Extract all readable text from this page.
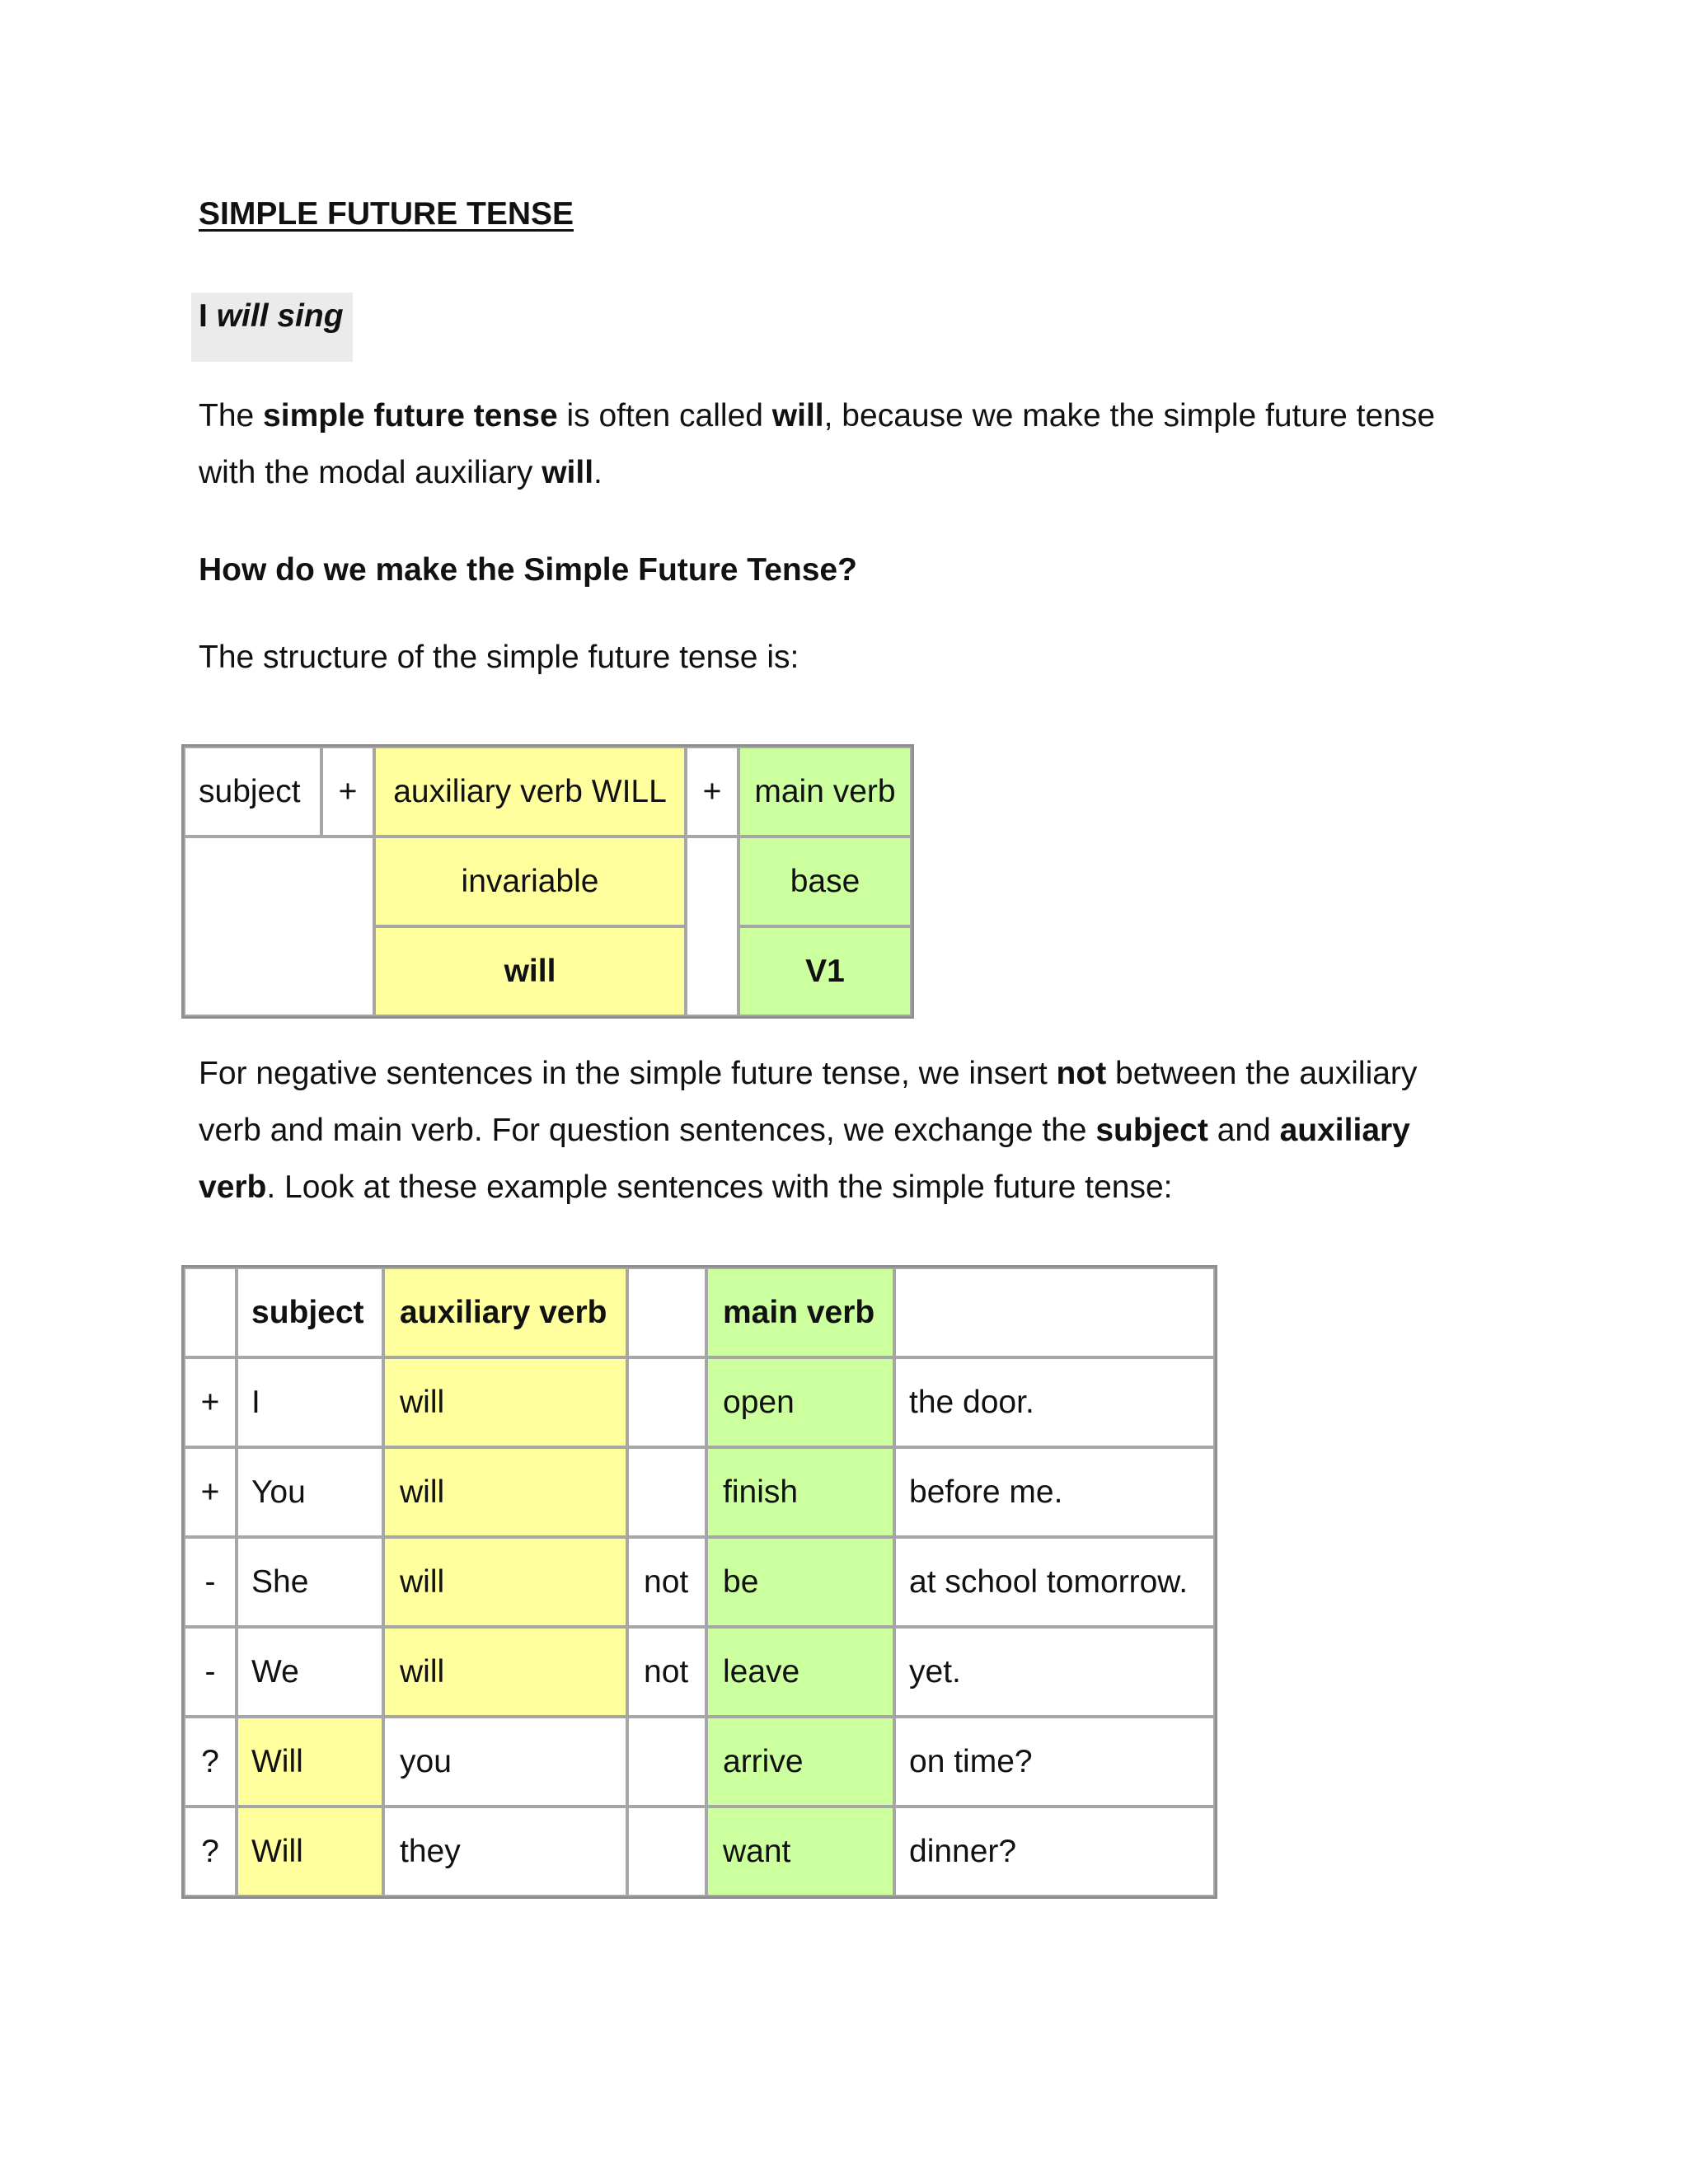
SIMPLE FUTURE TENSE
I will sing
The simple future tense is often called will, because we make the simple future tense
with the modal auxiliary will.
How do we make the Simple Future Tense?
The structure of the simple future tense is:
subject	+	auxiliary verb WILL	+	main verb
		invariable		base
		will		V1
For negative sentences in the simple future tense, we insert not between the auxiliary
verb and main verb. For question sentences, we exchange the subject and auxiliary
verb. Look at these example sentences with the simple future tense:
	subject	auxiliary verb		main verb	
+	I	will		open	the door.
+	You	will		finish	before me.
-	She	will	not	be	at school tomorrow.
-	We	will	not	leave	yet.
?	Will	you		arrive	on time?
?	Will	they		want	dinner?
